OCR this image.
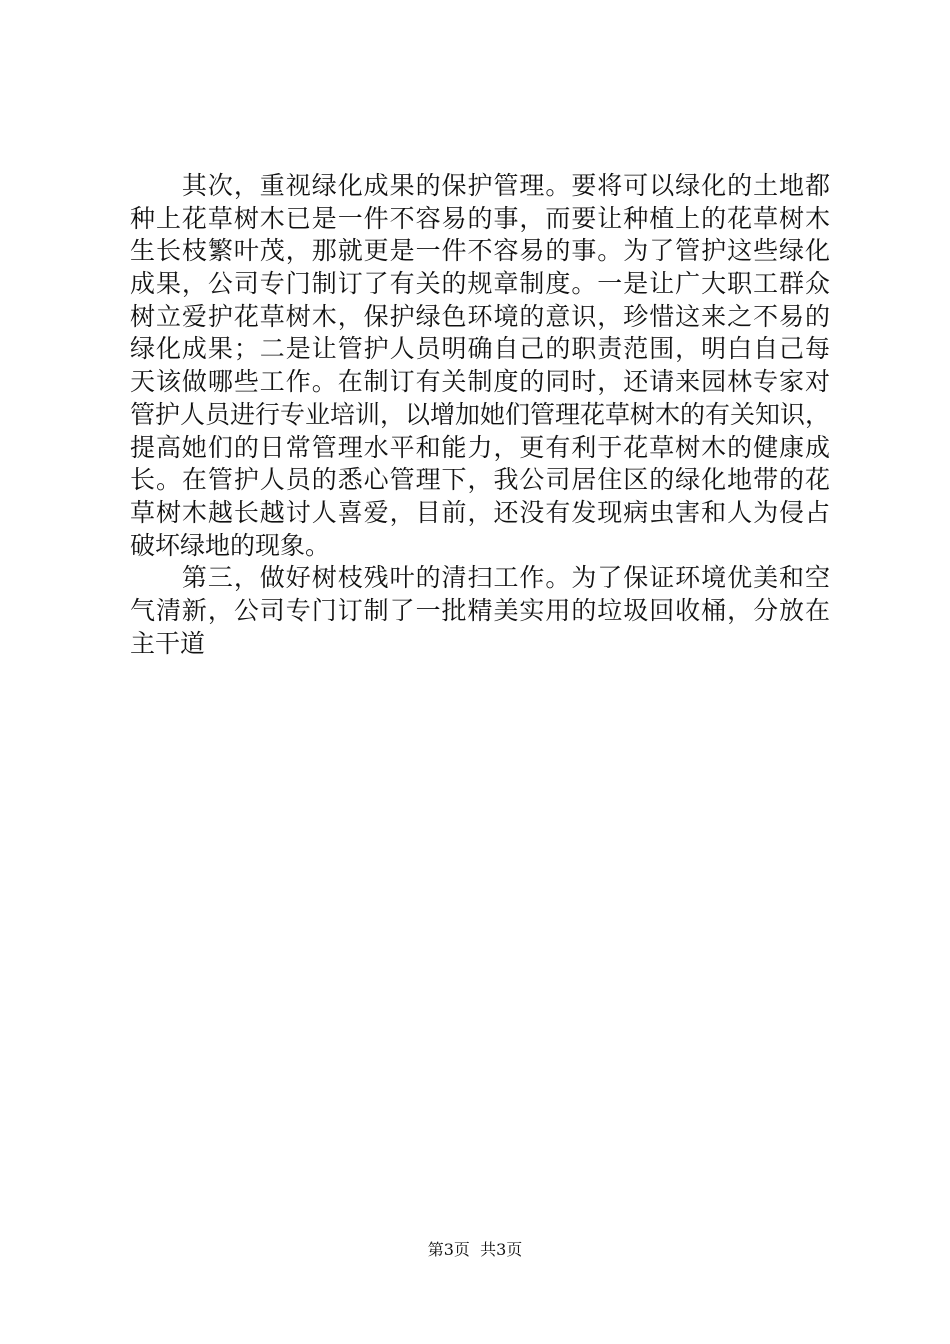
　　其次，重视绿化成果的保护管理。要将可以绿化的土地都
种上花草树木已是一件不容易的事，而要让种植上的花草树木
生长枝繁叶茂，那就更是一件不容易的事。为了管护这些绿化
成果，公司专门制订了有关的规章制度。一是让广大职工群众
树立爱护花草树木，保护绿色环境的意识，珍惜这来之不易的
绿化成果；二是让管护人员明确自己的职责范围，明白自己每
天该做哪些工作。在制订有关制度的同时，还请来园林专家对
管护人员进行专业培训，以增加她们管理花草树木的有关知识，
提高她们的日常管理水平和能力，更有利于花草树木的健康成
长。在管护人员的悉心管理下，我公司居住区的绿化地带的花
草树木越长越讨人喜爱，目前，还没有发现病虫害和人为侵占
破坏绿地的现象。
　　第三，做好树枝残叶的清扫工作。为了保证环境优美和空
气清新，公司专门订制了一批精美实用的垃圾回收桶，分放在
主干道
第3页  共3页
